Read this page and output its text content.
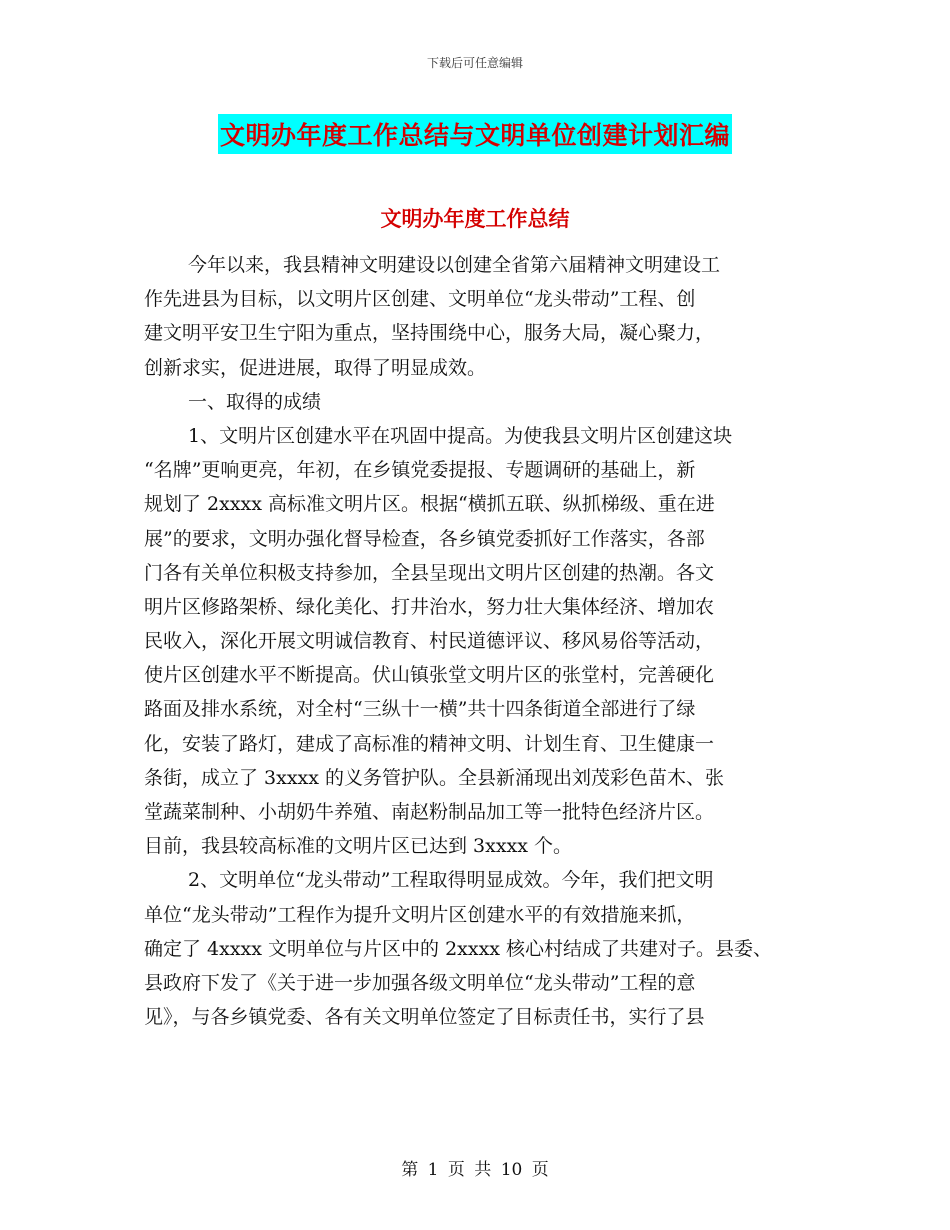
下载后可任意编辑
文明办年度工作总结与文明单位创建计划汇编
文明办年度工作总结
今年以来，我县精神文明建设以创建全省第六届精神文明建设工
作先进县为目标，以文明片区创建、文明单位“龙头带动”工程、创
建文明平安卫生宁阳为重点，坚持围绕中心，服务大局，凝心聚力，
创新求实，促进进展，取得了明显成效。
一、取得的成绩
1、文明片区创建水平在巩固中提高。为使我县文明片区创建这块
“名牌”更响更亮，年初，在乡镇党委提报、专题调研的基础上，新
规划了 2xxxx 高标准文明片区。根据“横抓五联、纵抓梯级、重在进
展”的要求，文明办强化督导检查，各乡镇党委抓好工作落实，各部
门各有关单位积极支持参加，全县呈现出文明片区创建的热潮。各文
明片区修路架桥、绿化美化、打井治水，努力壮大集体经济、增加农
民收入，深化开展文明诚信教育、村民道德评议、移风易俗等活动，
使片区创建水平不断提高。伏山镇张堂文明片区的张堂村，完善硬化
路面及排水系统，对全村“三纵十一横”共十四条街道全部进行了绿
化，安装了路灯，建成了高标准的精神文明、计划生育、卫生健康一
条街，成立了 3xxxx 的义务管护队。全县新涌现出刘茂彩色苗木、张
堂蔬菜制种、小胡奶牛养殖、南赵粉制品加工等一批特色经济片区。
目前，我县较高标准的文明片区已达到 3xxxx 个。
2、文明单位“龙头带动”工程取得明显成效。今年，我们把文明
单位“龙头带动”工程作为提升文明片区创建水平的有效措施来抓，
确定了 4xxxx 文明单位与片区中的 2xxxx 核心村结成了共建对子。县委、
县政府下发了《关于进一步加强各级文明单位“龙头带动”工程的意
见》，与各乡镇党委、各有关文明单位签定了目标责任书，实行了县
第 1 页 共 10 页
